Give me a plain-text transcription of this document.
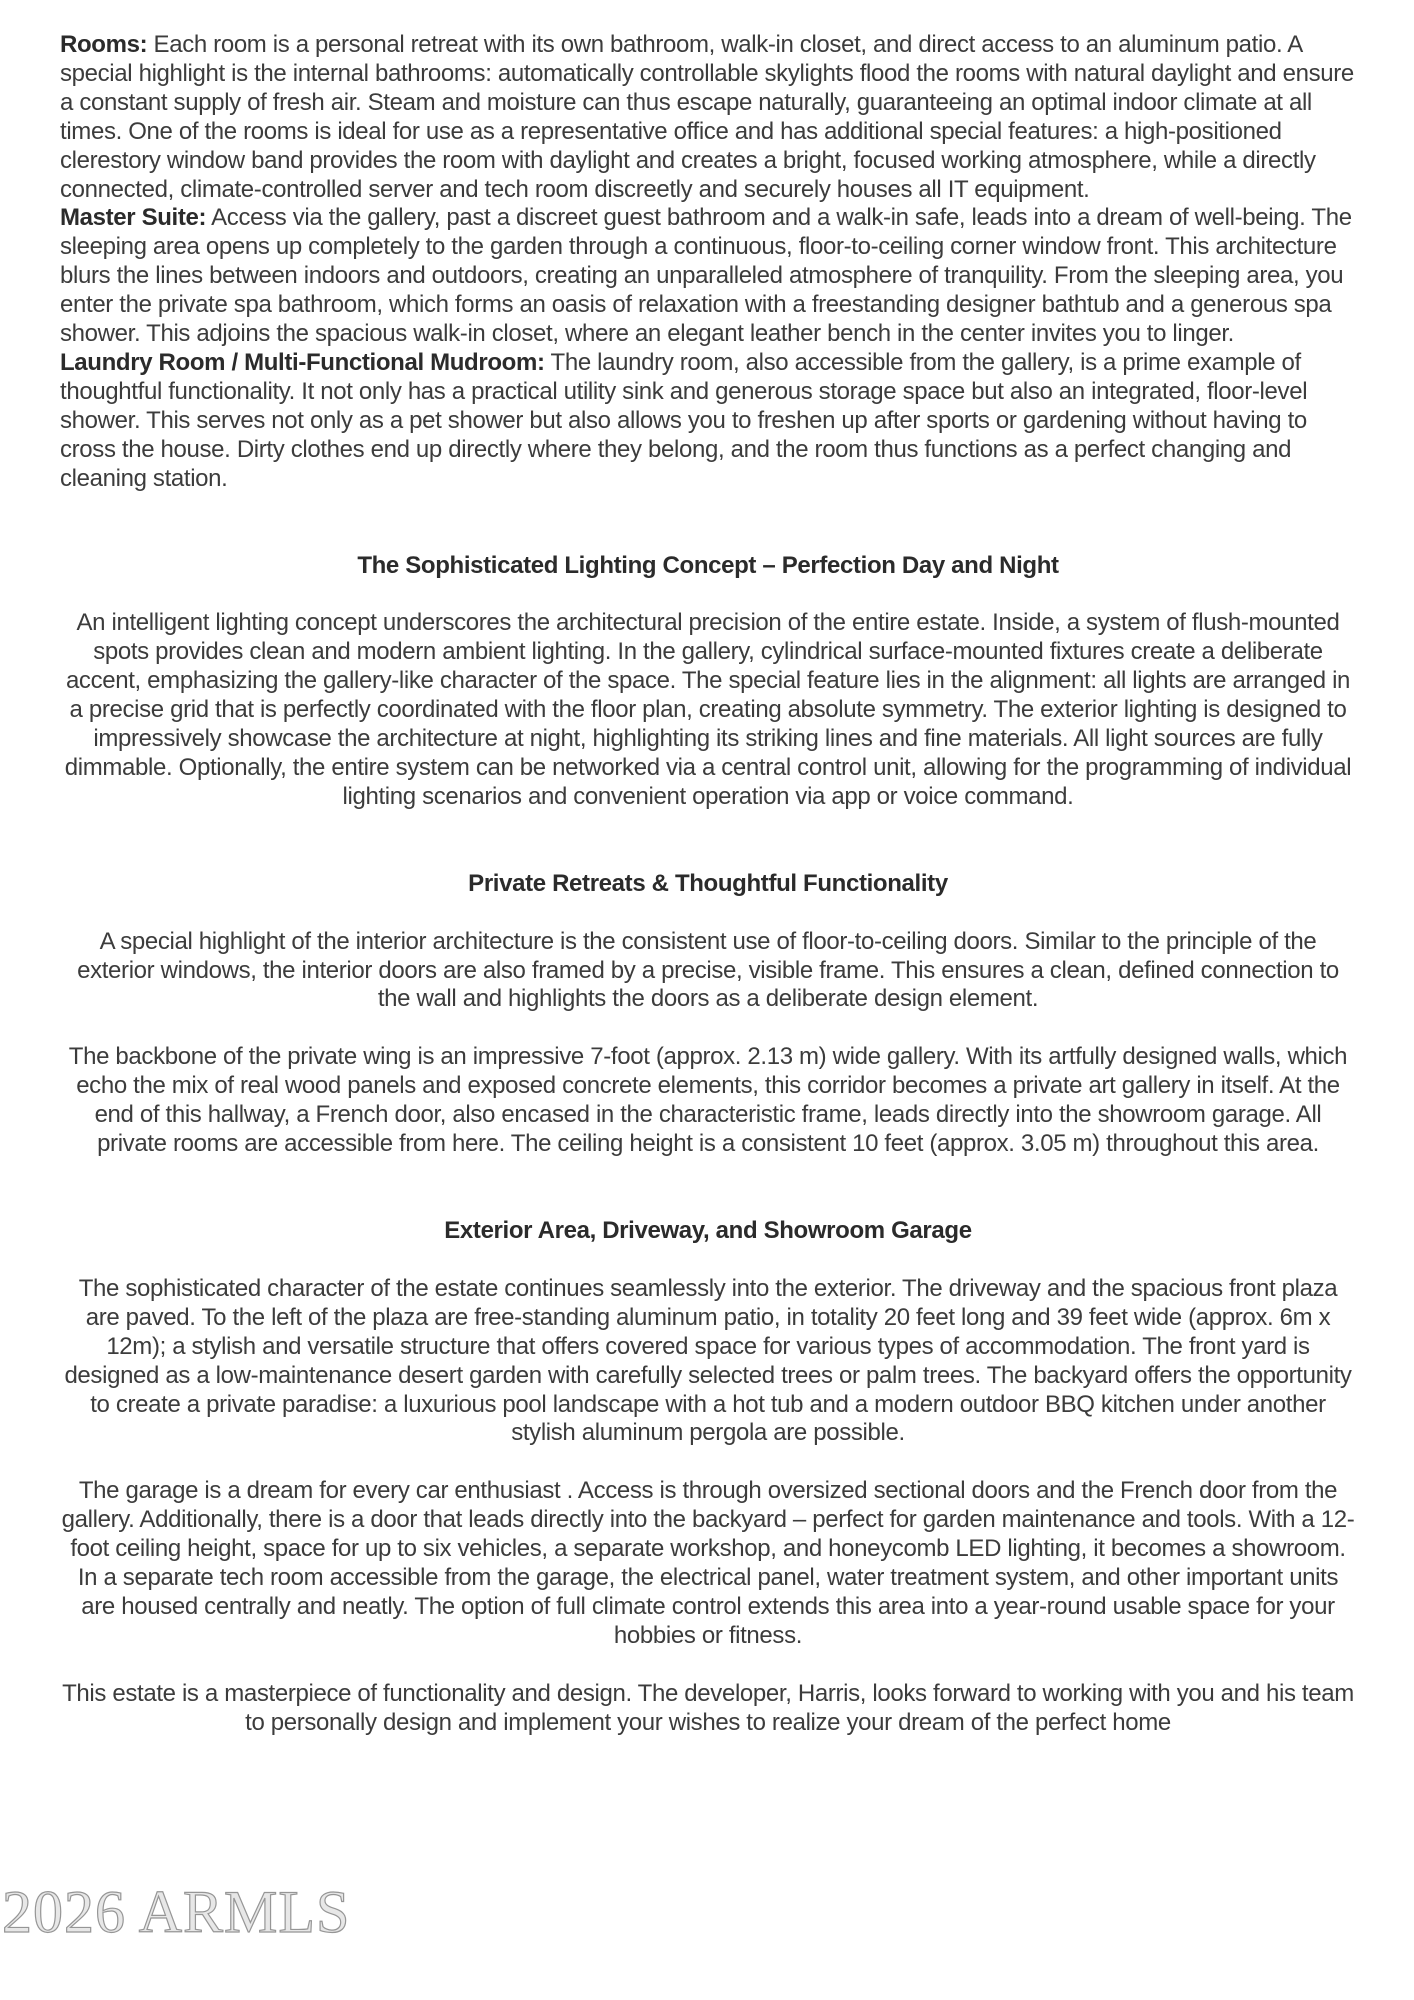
Rooms: Each room is a personal retreat with its own bathroom, walk-in closet, and direct access to an aluminum patio. A special highlight is the internal bathrooms: automatically controllable skylights flood the rooms with natural daylight and ensure a constant supply of fresh air. Steam and moisture can thus escape naturally, guaranteeing an optimal indoor climate at all times. One of the rooms is ideal for use as a representative office and has additional special features: a high-positioned clerestory window band provides the room with daylight and creates a bright, focused working atmosphere, while a directly connected, climate-controlled server and tech room discreetly and securely houses all IT equipment.

Master Suite: Access via the gallery, past a discreet guest bathroom and a walk-in safe, leads into a dream of well-being. The sleeping area opens up completely to the garden through a continuous, floor-to-ceiling corner window front. This architecture blurs the lines between indoors and outdoors, creating an unparalleled atmosphere of tranquility. From the sleeping area, you enter the private spa bathroom, which forms an oasis of relaxation with a freestanding designer bathtub and a generous spa shower. This adjoins the spacious walk-in closet, where an elegant leather bench in the center invites you to linger.

Laundry Room / Multi-Functional Mudroom: The laundry room, also accessible from the gallery, is a prime example of thoughtful functionality. It not only has a practical utility sink and generous storage space but also an integrated, floor-level shower. This serves not only as a pet shower but also allows you to freshen up after sports or gardening without having to cross the house. Dirty clothes end up directly where they belong, and the room thus functions as a perfect changing and cleaning station.

The Sophisticated Lighting Concept – Perfection Day and Night

An intelligent lighting concept underscores the architectural precision of the entire estate. Inside, a system of flush-mounted spots provides clean and modern ambient lighting. In the gallery, cylindrical surface-mounted fixtures create a deliberate accent, emphasizing the gallery-like character of the space. The special feature lies in the alignment: all lights are arranged in a precise grid that is perfectly coordinated with the floor plan, creating absolute symmetry. The exterior lighting is designed to impressively showcase the architecture at night, highlighting its striking lines and fine materials. All light sources are fully dimmable. Optionally, the entire system can be networked via a central control unit, allowing for the programming of individual lighting scenarios and convenient operation via app or voice command.

Private Retreats & Thoughtful Functionality

A special highlight of the interior architecture is the consistent use of floor-to-ceiling doors. Similar to the principle of the exterior windows, the interior doors are also framed by a precise, visible frame. This ensures a clean, defined connection to the wall and highlights the doors as a deliberate design element.

The backbone of the private wing is an impressive 7-foot (approx. 2.13 m) wide gallery. With its artfully designed walls, which echo the mix of real wood panels and exposed concrete elements, this corridor becomes a private art gallery in itself. At the end of this hallway, a French door, also encased in the characteristic frame, leads directly into the showroom garage. All private rooms are accessible from here. The ceiling height is a consistent 10 feet (approx. 3.05 m) throughout this area.

Exterior Area, Driveway, and Showroom Garage

The sophisticated character of the estate continues seamlessly into the exterior. The driveway and the spacious front plaza are paved. To the left of the plaza are free-standing aluminum patio, in totality 20 feet long and 39 feet wide (approx. 6m x 12m); a stylish and versatile structure that offers covered space for various types of accommodation. The front yard is designed as a low-maintenance desert garden with carefully selected trees or palm trees. The backyard offers the opportunity to create a private paradise: a luxurious pool landscape with a hot tub and a modern outdoor BBQ kitchen under another stylish aluminum pergola are possible.

The garage is a dream for every car enthusiast . Access is through oversized sectional doors and the French door from the gallery. Additionally, there is a door that leads directly into the backyard – perfect for garden maintenance and tools. With a 12-foot ceiling height, space for up to six vehicles, a separate workshop, and honeycomb LED lighting, it becomes a showroom. In a separate tech room accessible from the garage, the electrical panel, water treatment system, and other important units are housed centrally and neatly. The option of full climate control extends this area into a year-round usable space for your hobbies or fitness.

This estate is a masterpiece of functionality and design. The developer, Harris, looks forward to working with you and his team to personally design and implement your wishes to realize your dream of the perfect home

2026 ARMLS
